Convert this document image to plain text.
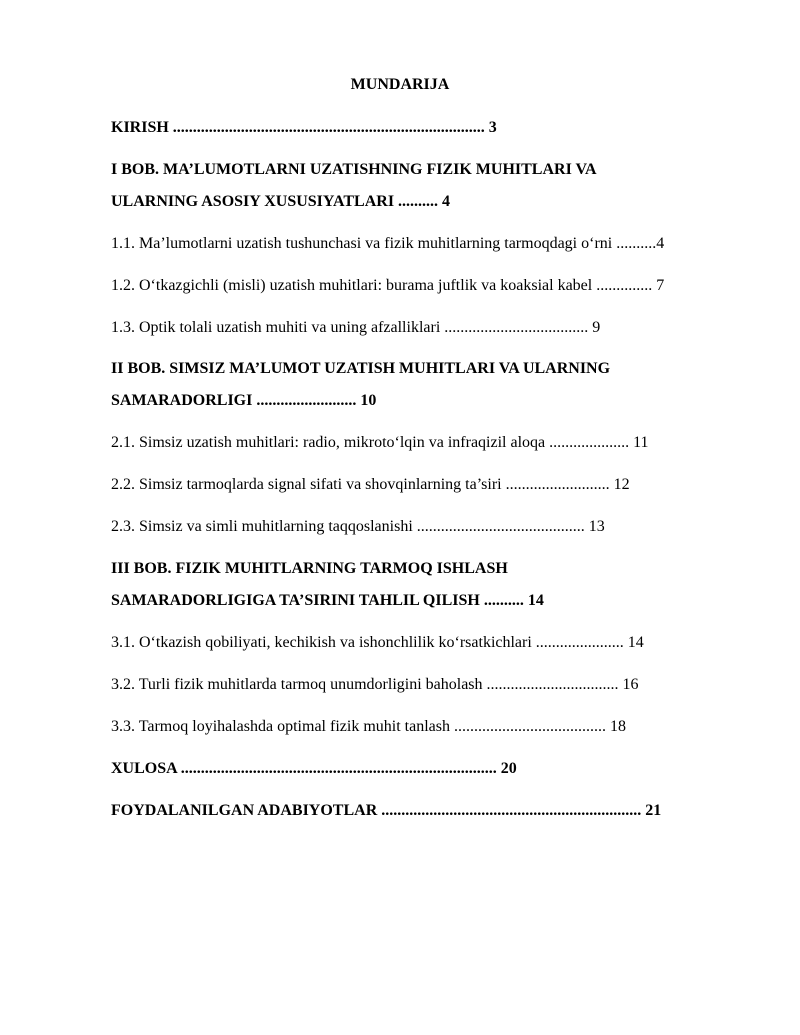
MUNDARIJA
KIRISH .............................................................................. 3
I BOB. MA’LUMOTLARNI UZATISHNING FIZIK MUHITLARI VA
ULARNING ASOSIY XUSUSIYATLARI .......... 4
1.1. Ma’lumotlarni uzatish tushunchasi va fizik muhitlarning tarmoqdagi o‘rni ..........4
1.2. O‘tkazgichli (misli) uzatish muhitlari: burama juftlik va koaksial kabel .............. 7
1.3. Optik tolali uzatish muhiti va uning afzalliklari .................................... 9
II BOB. SIMSIZ MA’LUMOT UZATISH MUHITLARI VA ULARNING
SAMARADORLIGI ......................... 10
2.1. Simsiz uzatish muhitlari: radio, mikroto‘lqin va infraqizil aloqa .................... 11
2.2. Simsiz tarmoqlarda signal sifati va shovqinlarning ta’siri .......................... 12
2.3. Simsiz va simli muhitlarning taqqoslanishi .......................................... 13
III BOB. FIZIK MUHITLARNING TARMOQ ISHLASH
SAMARADORLIGIGA TA’SIRINI TAHLIL QILISH .......... 14
3.1. O‘tkazish qobiliyati, kechikish va ishonchlilik ko‘rsatkichlari ...................... 14
3.2. Turli fizik muhitlarda tarmoq unumdorligini baholash ................................. 16
3.3. Tarmoq loyihalashda optimal fizik muhit tanlash ...................................... 18
XULOSA ............................................................................... 20
FOYDALANILGAN ADABIYOTLAR ................................................................. 21
